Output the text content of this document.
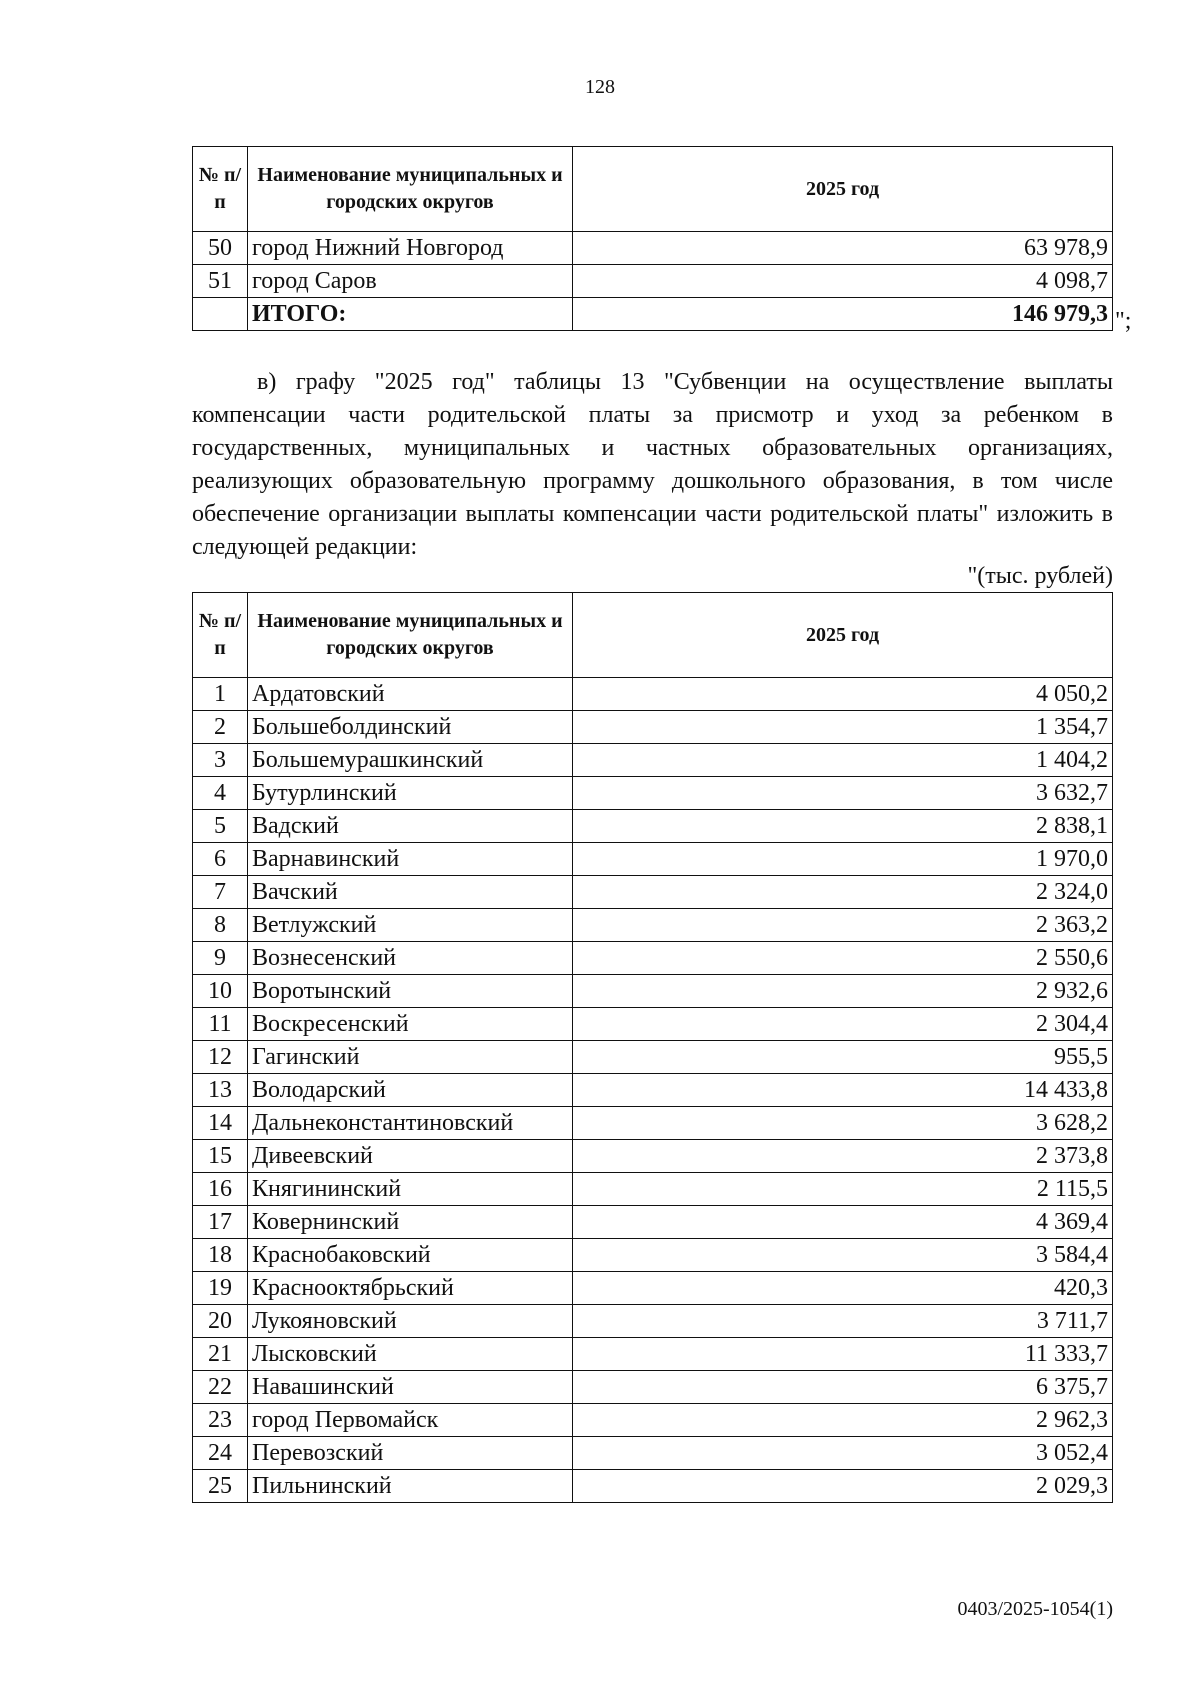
128
№ п/п	Наименование муниципальных и городских округов	2025 год
50	город Нижний Новгород	63 978,9
51	город Саров	4 098,7
	ИТОГО:	146 979,3 ";
в) графу "2025 год" таблицы 13 "Субвенции на осуществление выплаты компенсации части родительской платы за присмотр и уход за ребенком в государственных, муниципальных и частных образовательных организациях, реализующих образовательную программу дошкольного образования, в том числе обеспечение организации выплаты компенсации части родительской платы" изложить в следующей редакции:
"(тыс. рублей)
№ п/п	Наименование муниципальных и городских округов	2025 год
1	Ардатовский	4 050,2
2	Большеболдинский	1 354,7
3	Большемурашкинский	1 404,2
4	Бутурлинский	3 632,7
5	Вадский	2 838,1
6	Варнавинский	1 970,0
7	Вачский	2 324,0
8	Ветлужский	2 363,2
9	Вознесенский	2 550,6
10	Воротынский	2 932,6
11	Воскресенский	2 304,4
12	Гагинский	955,5
13	Володарский	14 433,8
14	Дальнеконстантиновский	3 628,2
15	Дивеевский	2 373,8
16	Княгининский	2 115,5
17	Ковернинский	4 369,4
18	Краснобаковский	3 584,4
19	Краснооктябрьский	420,3
20	Лукояновский	3 711,7
21	Лысковский	11 333,7
22	Навашинский	6 375,7
23	город Первомайск	2 962,3
24	Перевозский	3 052,4
25	Пильнинский	2 029,3
0403/2025-1054(1)
